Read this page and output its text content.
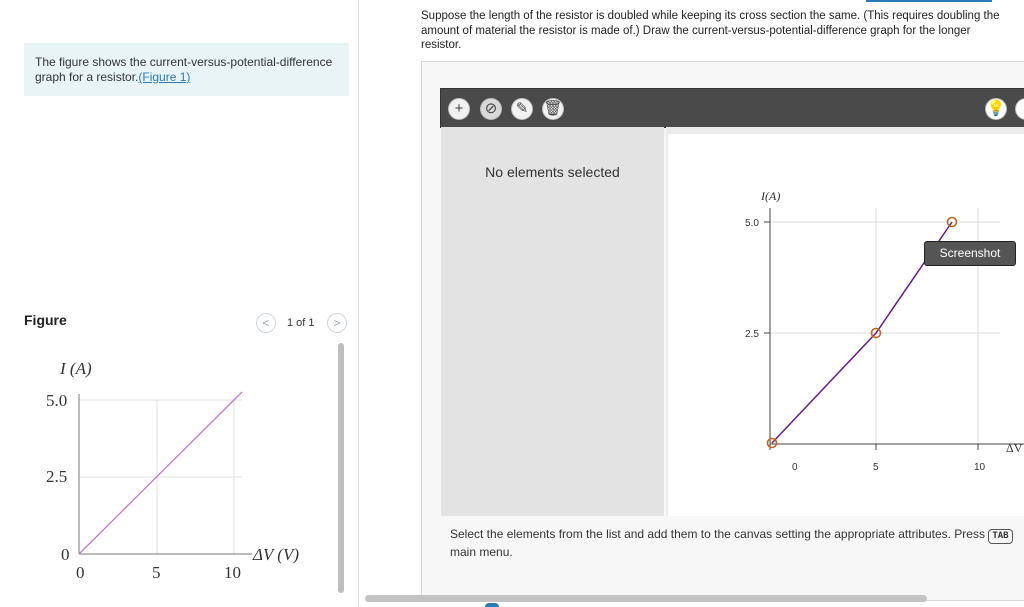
The figure shows the current-versus-potential-difference graph for a resistor.(Figure 1)
Figure	<	1 of 1	>
I (A)
5.0
2.5
0
0	5	10
ΔV (V)
Suppose the length of the resistor is doubled while keeping its cross section the same. (This requires doubling the amount of material the resistor is made of.) Draw the current-versus-potential-difference graph for the longer resistor.
+	⊘	✎	🗑	💡
No elements selected
I(A)
5.0
2.5
0	5	10
ΔV
Screenshot
Select the elements from the list and add them to the canvas setting the appropriate attributes. Press TAB
main menu.
